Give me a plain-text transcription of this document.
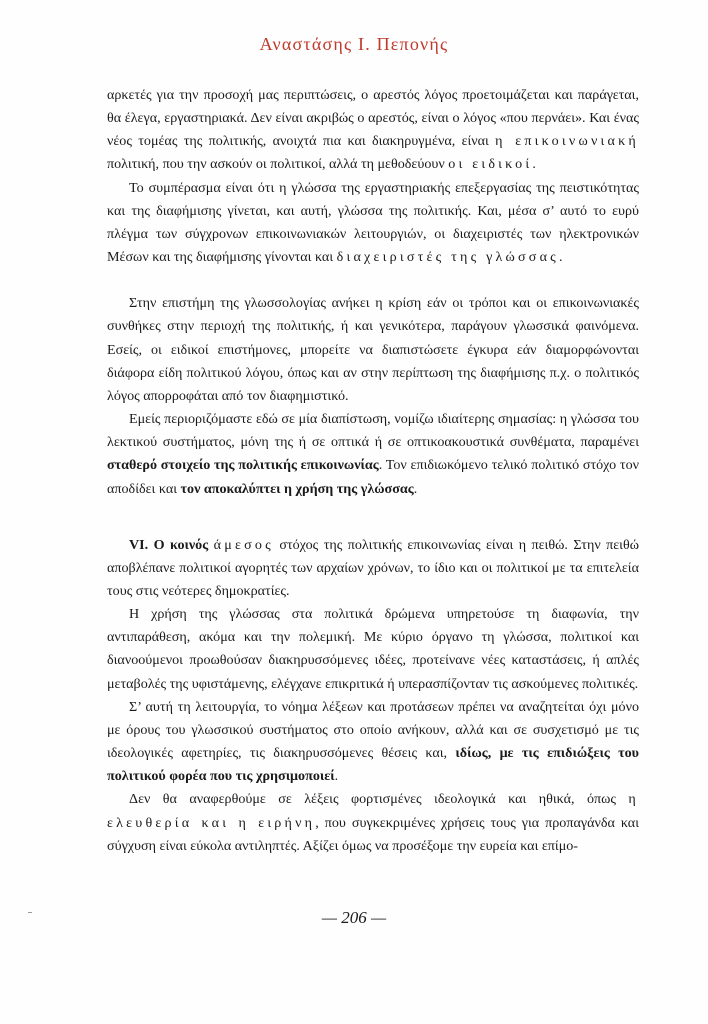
Αναστάσης Ι. Πεπονής

αρκετές για την προσοχή μας περιπτώσεις, ο αρεστός λόγος προετοιμάζεται και παράγεται, θα έλεγα, εργαστηριακά. Δεν είναι ακριβώς ο αρεστός, είναι ο λόγος «που περνάει». Και ένας νέος τομέας της πολιτικής, ανοιχτά πια και διακηρυγμένα, είναι η επικοινωνιακή πολιτική, που την ασκούν οι πολιτικοί, αλλά τη μεθοδεύουν οι ειδικοί.

Το συμπέρασμα είναι ότι η γλώσσα της εργαστηριακής επεξεργασίας της πειστικότητας και της διαφήμισης γίνεται, και αυτή, γλώσσα της πολιτικής. Και, μέσα σ’ αυτό το ευρύ πλέγμα των σύγχρονων επικοινωνιακών λειτουργιών, οι διαχειριστές των ηλεκτρονικών Μέσων και της διαφήμισης γίνονται και διαχειριστές της γλώσσας.

Στην επιστήμη της γλωσσολογίας ανήκει η κρίση εάν οι τρόποι και οι επικοινωνιακές συνθήκες στην περιοχή της πολιτικής, ή και γενικότερα, παράγουν γλωσσικά φαινόμενα. Εσείς, οι ειδικοί επιστήμονες, μπορείτε να διαπιστώσετε έγκυρα εάν διαμορφώνονται διάφορα είδη πολιτικού λόγου, όπως και αν στην περίπτωση της διαφήμισης π.χ. ο πολιτικός λόγος απορροφάται από τον διαφημιστικό.

Εμείς περιοριζόμαστε εδώ σε μία διαπίστωση, νομίζω ιδιαίτερης σημασίας: η γλώσσα του λεκτικού συστήματος, μόνη της ή σε οπτικά ή σε οπτικοακουστικά συνθέματα, παραμένει σταθερό στοιχείο της πολιτικής επικοινωνίας. Τον επιδιωκόμενο τελικό πολιτικό στόχο τον αποδίδει και τον αποκαλύπτει η χρήση της γλώσσας.

VI. Ο κοινός άμεσος στόχος της πολιτικής επικοινωνίας είναι η πειθώ. Στην πειθώ αποβλέπανε πολιτικοί αγορητές των αρχαίων χρόνων, το ίδιο και οι πολιτικοί με τα επιτελεία τους στις νεότερες δημοκρατίες.

Η χρήση της γλώσσας στα πολιτικά δρώμενα υπηρετούσε τη διαφωνία, την αντιπαράθεση, ακόμα και την πολεμική. Με κύριο όργανο τη γλώσσα, πολιτικοί και διανοούμενοι προωθούσαν διακηρυσσόμενες ιδέες, προτείνανε νέες καταστάσεις, ή απλές μεταβολές της υφιστάμενης, ελέγχανε επικριτικά ή υπερασπίζονταν τις ασκούμενες πολιτικές.

Σ’ αυτή τη λειτουργία, το νόημα λέξεων και προτάσεων πρέπει να αναζητείται όχι μόνο με όρους του γλωσσικού συστήματος στο οποίο ανήκουν, αλλά και σε συσχετισμό με τις ιδεολογικές αφετηρίες, τις διακηρυσσόμενες θέσεις και, ιδίως, με τις επιδιώξεις του πολιτικού φορέα που τις χρησιμοποιεί.

Δεν θα αναφερθούμε σε λέξεις φορτισμένες ιδεολογικά και ηθικά, όπως η ελευθερία και η ειρήνη, που συγκεκριμένες χρήσεις τους για προπαγάνδα και σύγχυση είναι εύκολα αντιληπτές. Αξίζει όμως να προσέξομε την ευρεία και επίμο-

— 206 —
